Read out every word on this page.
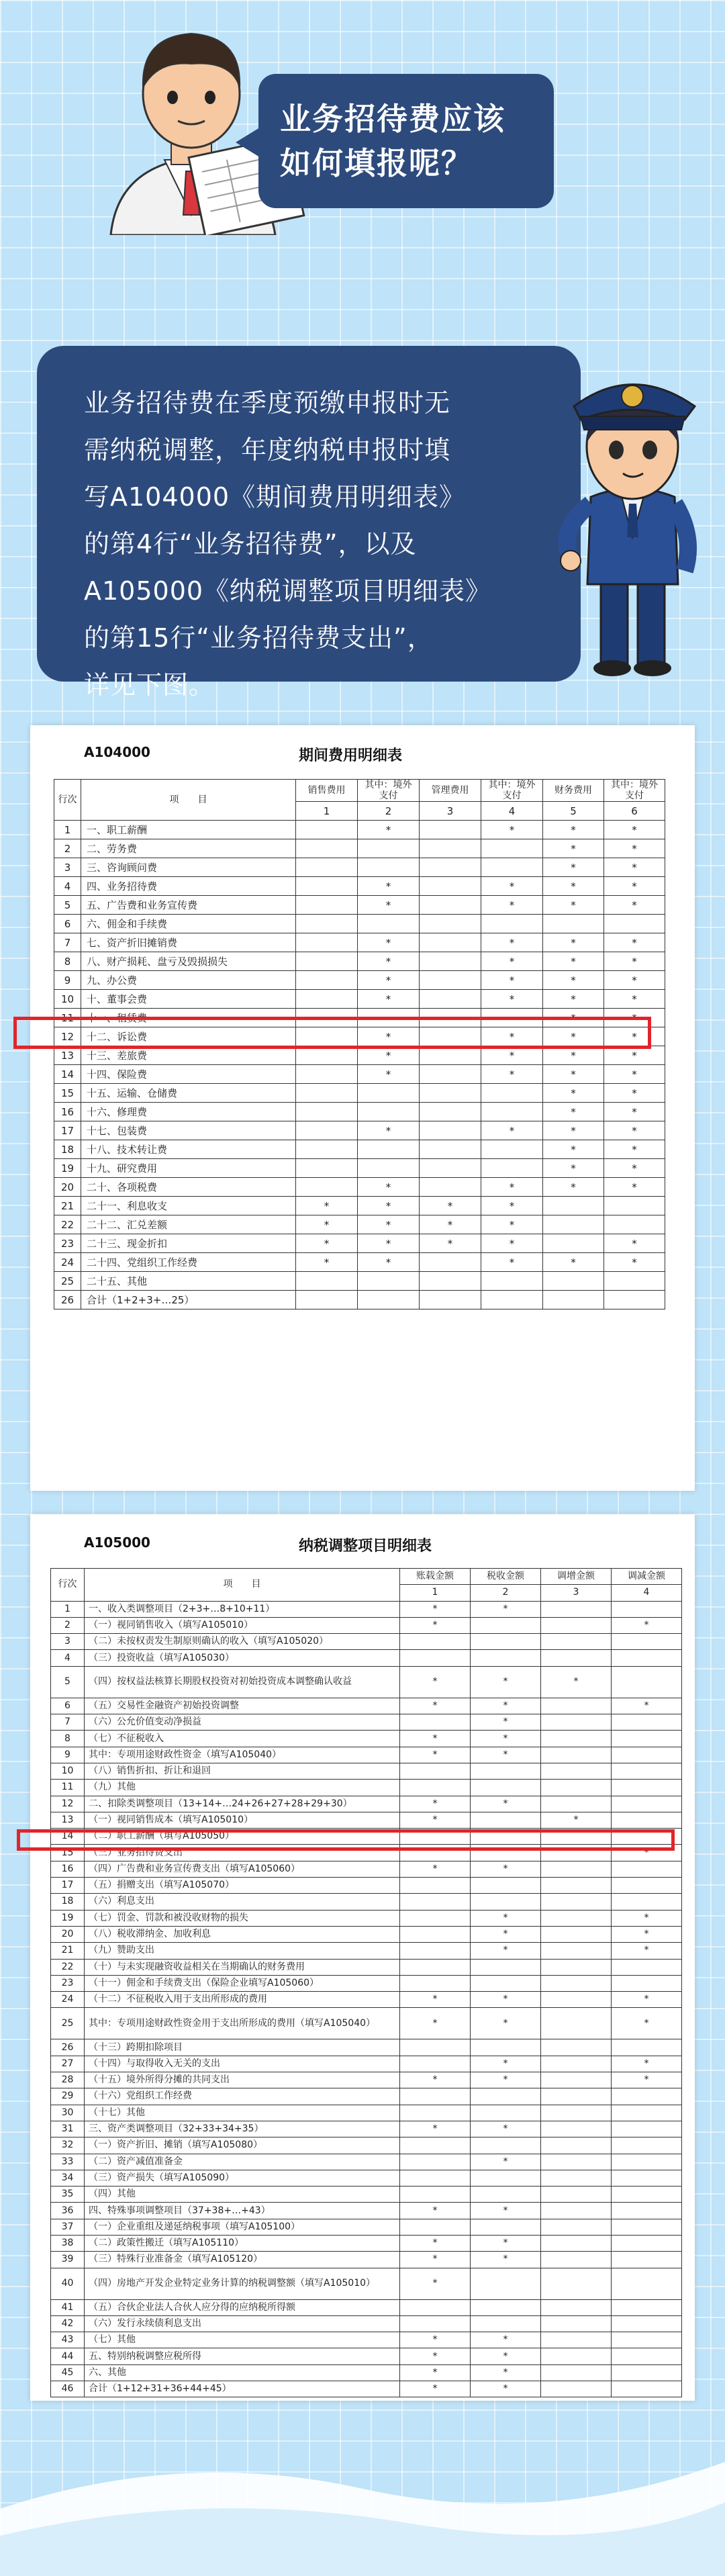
业务招待费应该
如何填报呢？
业务招待费在季度预缴申报时无
需纳税调整，年度纳税申报时填
写A104000《期间费用明细表》
的第4行“业务招待费”，以及
A105000《纳税调整项目明细表》
的第15行“业务招待费支出”，
详见下图。
A104000	期间费用明细表
行次	项　　目	销售费用	其中：境外支付	管理费用	其中：境外支付	财务费用	其中：境外支付
		1	2	3	4	5	6
1	一、职工薪酬		*		*	*	*
2	二、劳务费					*	*
3	三、咨询顾问费					*	*
4	四、业务招待费		*		*	*	*
5	五、广告费和业务宣传费		*		*	*	*
6	六、佣金和手续费						
7	七、资产折旧摊销费		*		*	*	*
8	八、财产损耗、盘亏及毁损损失		*		*	*	*
9	九、办公费		*		*	*	*
10	十、董事会费		*		*	*	*
11	十一、租赁费					*	*
12	十二、诉讼费		*		*	*	*
13	十三、差旅费		*		*	*	*
14	十四、保险费		*		*	*	*
15	十五、运输、仓储费					*	*
16	十六、修理费					*	*
17	十七、包装费		*		*	*	*
18	十八、技术转让费					*	*
19	十九、研究费用					*	*
20	二十、各项税费		*		*	*	*
21	二十一、利息收支	*	*	*	*		
22	二十二、汇兑差额	*	*	*	*		
23	二十三、现金折扣	*	*	*	*		*
24	二十四、党组织工作经费	*	*		*	*	*
25	二十五、其他						
26	合计（1+2+3+…25）						
A105000	纳税调整项目明细表
行次	项　　目	账载金额	税收金额	调增金额	调减金额
		1	2	3	4
1	一、收入类调整项目（2+3+…8+10+11）	*	*		
2	（一）视同销售收入（填写A105010）	*			*
3	（二）未按权责发生制原则确认的收入（填写A105020）				
4	（三）投资收益（填写A105030）				
5	（四）按权益法核算长期股权投资对初始投资成本调整确认收益	*	*	*	
6	（五）交易性金融资产初始投资调整	*	*		*
7	（六）公允价值变动净损益		*		
8	（七）不征税收入	*	*		
9	其中：专项用途财政性资金（填写A105040）	*	*		
10	（八）销售折扣、折让和退回				
11	（九）其他				
12	二、扣除类调整项目（13+14+…24+26+27+28+29+30）	*	*		
13	（一）视同销售成本（填写A105010）	*		*	
14	（二）职工薪酬（填写A105050）				
15	（三）业务招待费支出				*
16	（四）广告费和业务宣传费支出（填写A105060）	*	*		
17	（五）捐赠支出（填写A105070）				
18	（六）利息支出				
19	（七）罚金、罚款和被没收财物的损失		*		*
20	（八）税收滞纳金、加收利息		*		*
21	（九）赞助支出		*		*
22	（十）与未实现融资收益相关在当期确认的财务费用				
23	（十一）佣金和手续费支出（保险企业填写A105060）				
24	（十二）不征税收入用于支出所形成的费用	*	*		*
25	其中：专项用途财政性资金用于支出所形成的费用（填写A105040）	*	*		*
26	（十三）跨期扣除项目				
27	（十四）与取得收入无关的支出		*		*
28	（十五）境外所得分摊的共同支出	*	*		*
29	（十六）党组织工作经费				
30	（十七）其他				
31	三、资产类调整项目（32+33+34+35）	*	*		
32	（一）资产折旧、摊销（填写A105080）				
33	（二）资产减值准备金		*		
34	（三）资产损失（填写A105090）				
35	（四）其他				
36	四、特殊事项调整项目（37+38+…+43）	*	*		
37	（一）企业重组及递延纳税事项（填写A105100）				
38	（二）政策性搬迁（填写A105110）	*	*		
39	（三）特殊行业准备金（填写A105120）	*	*		
40	（四）房地产开发企业特定业务计算的纳税调整额（填写A105010）	*			
41	（五）合伙企业法人合伙人应分得的应纳税所得额				
42	（六）发行永续债利息支出				
43	（七）其他	*	*		
44	五、特别纳税调整应税所得	*	*		
45	六、其他	*	*		
46	合计（1+12+31+36+44+45）	*	*		
